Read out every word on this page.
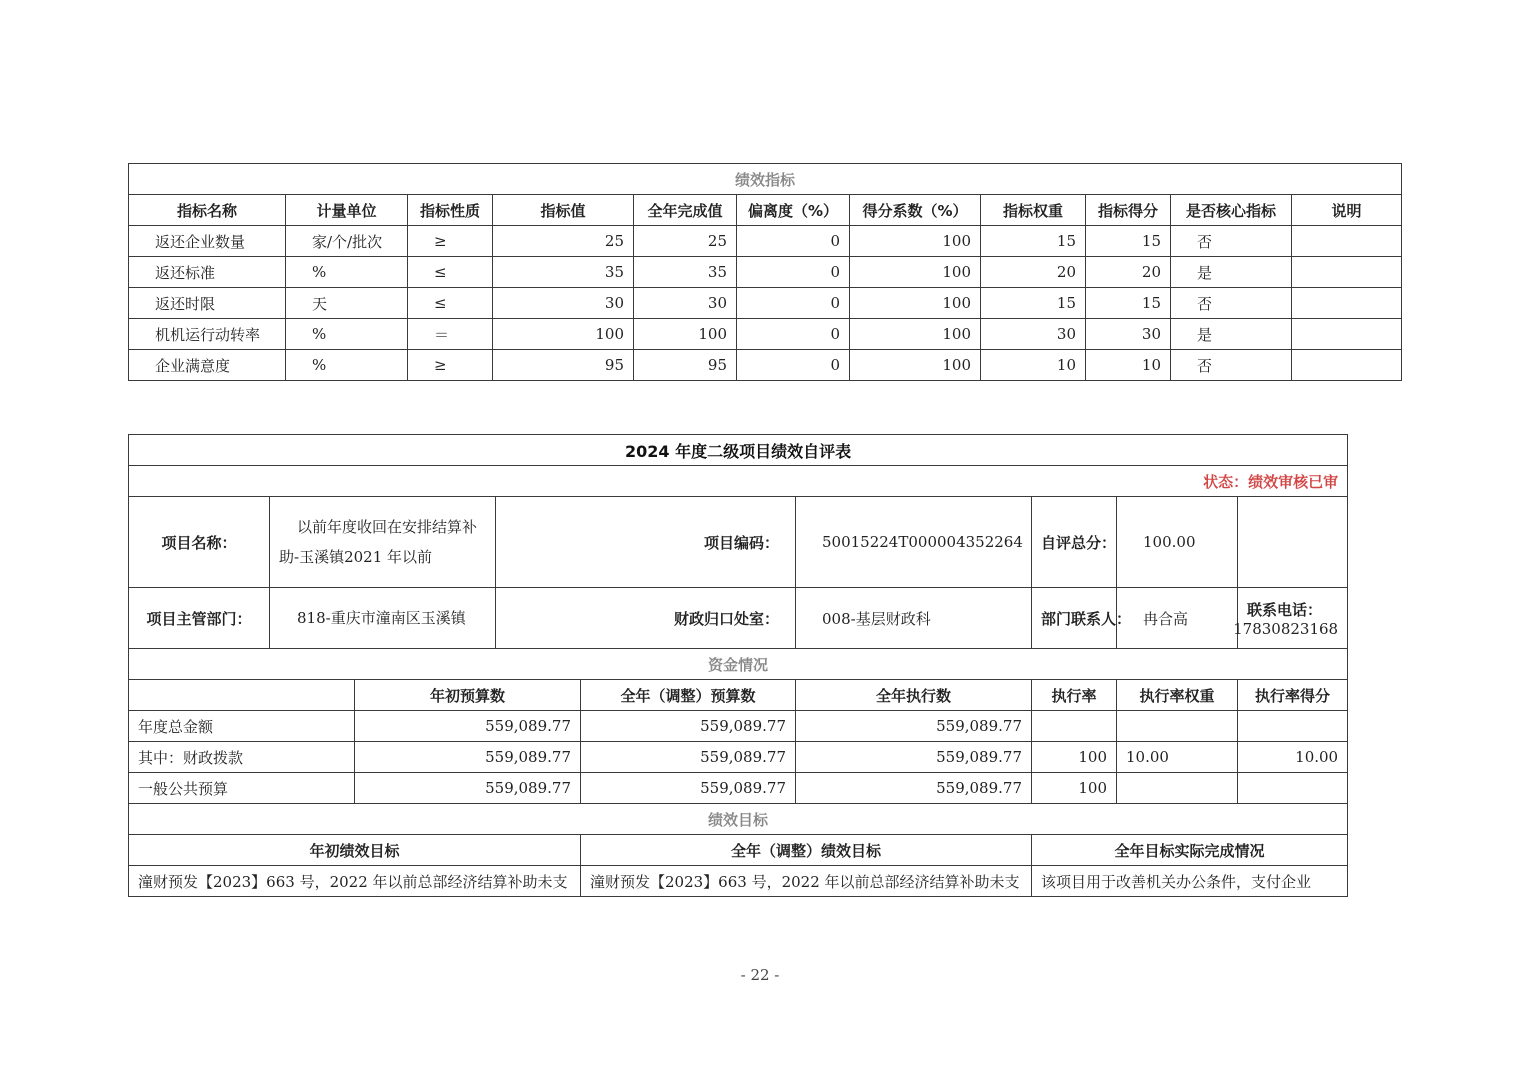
绩效指标										
指标名称	计量单位	指标性质	指标值	全年完成值	偏离度（%）	得分系数（%）	指标权重	指标得分	是否核心指标	说明
返还企业数量	家/个/批次	≥	25	25	0	100	15	15	否	
返还标准	%	≤	35	35	0	100	20	20	是	
返还时限	天	≤	30	30	0	100	15	15	否	
机机运行动转率	%	＝	100	100	0	100	30	30	是	
企业满意度	%	≥	95	95	0	100	10	10	否	
2024 年度二级项目绩效自评表								
状态：绩效审核已审								
项目名称：	以前年度收回在安排结算补助-玉溪镇2021 年以前		项目编码：		50015224T000004352264	自评总分：	100.00	
项目主管部门：	818-重庆市潼南区玉溪镇		财政归口处室：		008-基层财政科	部门联系人：	冉合高	联系电话：
17830823168

资金情况								
		年初预算数		全年（调整）预算数	全年执行数	执行率	执行率权重	执行率得分
年度总金额		559,089.77		559,089.77	559,089.77			
其中：财政拨款		559,089.77		559,089.77	559,089.77	100	10.00	10.00
一般公共预算		559,089.77		559,089.77	559,089.77	100		
绩效目标								
年初绩效目标				全年（调整）绩效目标		全年目标实际完成情况		
潼财预发【2023】663 号，2022 年以前总部经济结算补助未支				潼财预发【2023】663 号，2022 年以前总部经济结算补助未支		该项目用于改善机关办公条件，支付企业		
- 22 -
